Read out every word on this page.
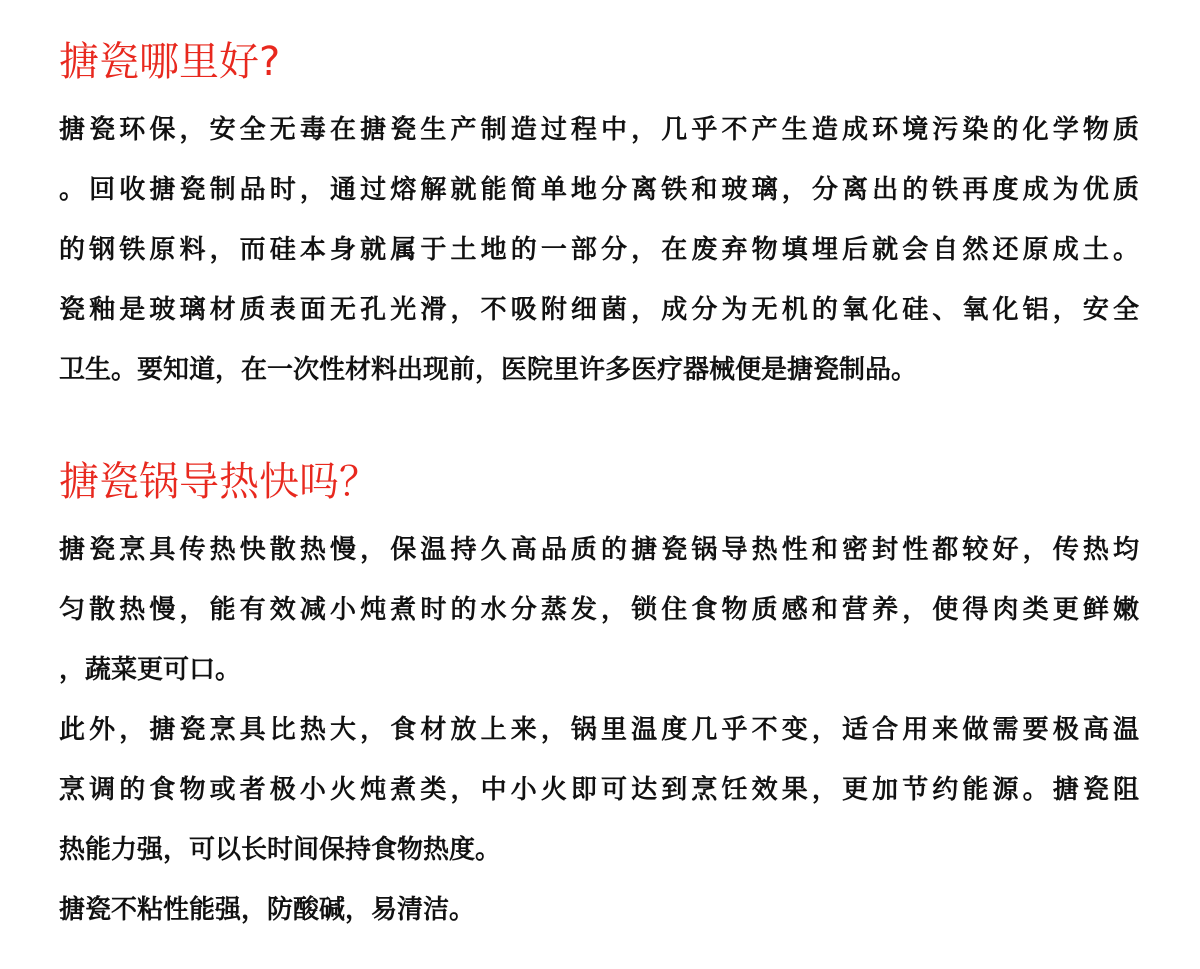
搪瓷哪里好?
搪瓷环保，安全无毒在搪瓷生产制造过程中，几乎不产生造成环境污染的化学物质
。回收搪瓷制品时，通过熔解就能简单地分离铁和玻璃，分离出的铁再度成为优质
的钢铁原料，而硅本身就属于土地的一部分，在废弃物填埋后就会自然还原成土。
瓷釉是玻璃材质表面无孔光滑，不吸附细菌，成分为无机的氧化硅、氧化铝，安全
卫生。要知道，在一次性材料出现前，医院里许多医疗器械便是搪瓷制品。
搪瓷锅导热快吗？
搪瓷烹具传热快散热慢，保温持久高品质的搪瓷锅导热性和密封性都较好，传热均
匀散热慢，能有效减小炖煮时的水分蒸发，锁住食物质感和营养，使得肉类更鲜嫩
，蔬菜更可口。
此外，搪瓷烹具比热大，食材放上来，锅里温度几乎不变，适合用来做需要极高温
烹调的食物或者极小火炖煮类，中小火即可达到烹饪效果，更加节约能源。搪瓷阻
热能力强，可以长时间保持食物热度。
搪瓷不粘性能强，防酸碱，易清洁。
